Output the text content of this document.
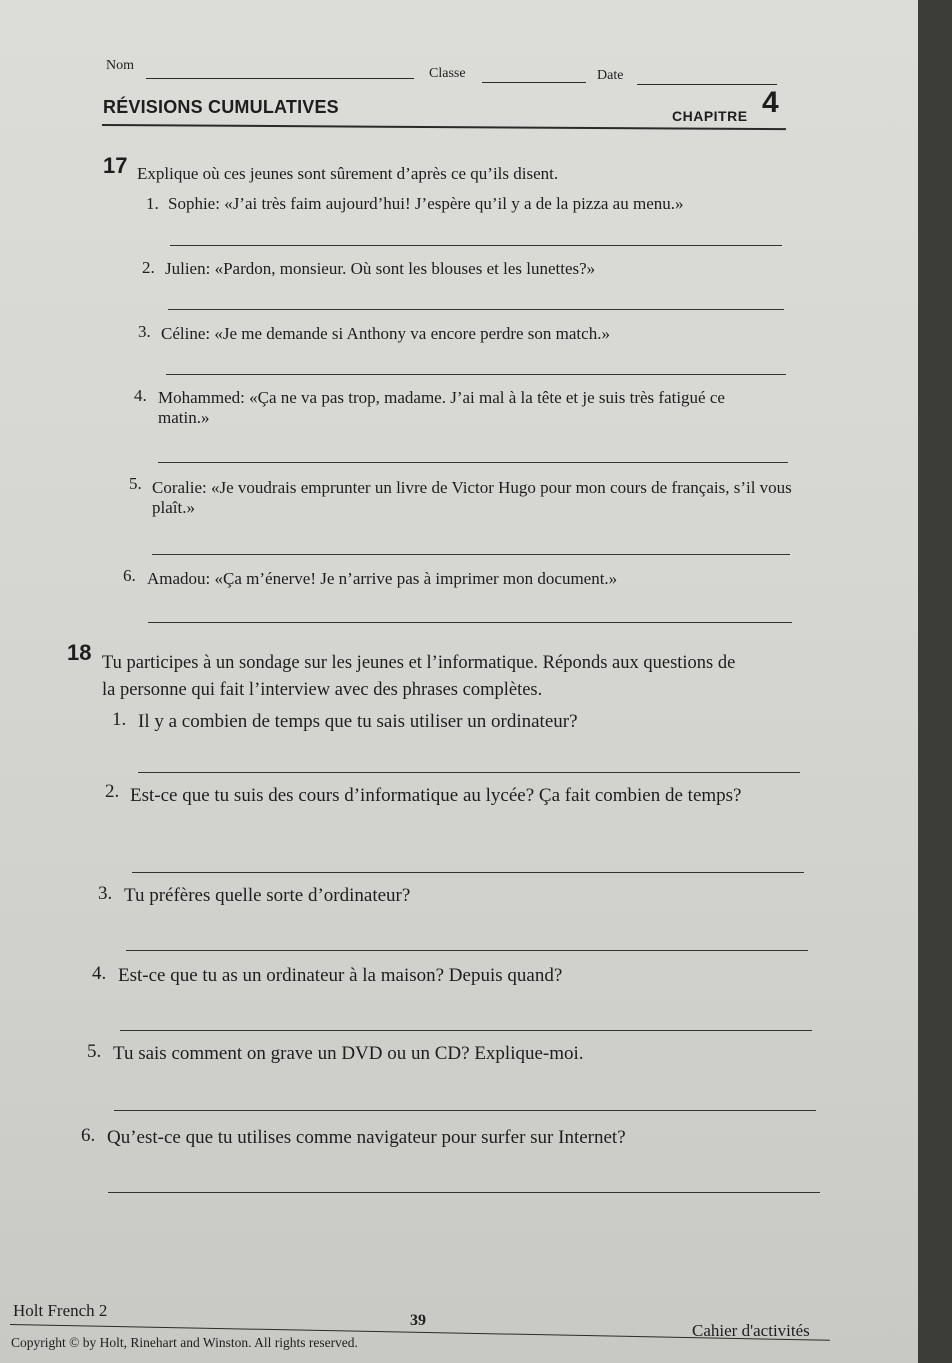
Nom
Classe	Date
RÉVISIONS CUMULATIVES	CHAPITRE 4
17 Explique où ces jeunes sont sûrement d’après ce qu’ils disent.
1. Sophie: «J’ai très faim aujourd’hui! J’espère qu’il y a de la pizza au menu.»
2. Julien: «Pardon, monsieur. Où sont les blouses et les lunettes?»
3. Céline: «Je me demande si Anthony va encore perdre son match.»
4. Mohammed: «Ça ne va pas trop, madame. J’ai mal à la tête et je suis très fatigué ce matin.»
5. Coralie: «Je voudrais emprunter un livre de Victor Hugo pour mon cours de français, s’il vous plaît.»
6. Amadou: «Ça m’énerve! Je n’arrive pas à imprimer mon document.»
18 Tu participes à un sondage sur les jeunes et l’informatique. Réponds aux questions de la personne qui fait l’interview avec des phrases complètes.
1. Il y a combien de temps que tu sais utiliser un ordinateur?
2. Est-ce que tu suis des cours d’informatique au lycée? Ça fait combien de temps?
3. Tu préfères quelle sorte d’ordinateur?
4. Est-ce que tu as un ordinateur à la maison? Depuis quand?
5. Tu sais comment on grave un DVD ou un CD? Explique-moi.
6. Qu’est-ce que tu utilises comme navigateur pour surfer sur Internet?
Holt French 2
39
Cahier d'activités
Copyright © by Holt, Rinehart and Winston. All rights reserved.
